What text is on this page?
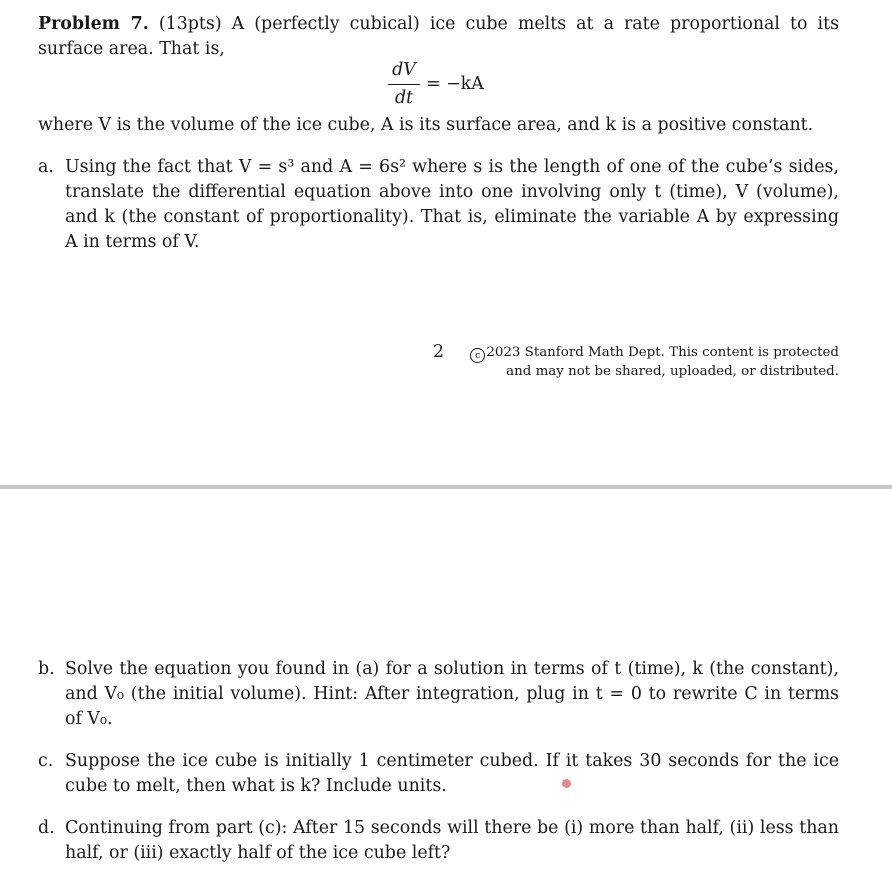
Problem 7. (13pts) A (perfectly cubical) ice cube melts at a rate proportional to its
surface area. That is,
dV
dt
= −kA
where V is the volume of the ice cube, A is its surface area, and k is a positive constant.
a. Using the fact that V = s³ and A = 6s² where s is the length of one of the cube’s sides,
translate the differential equation above into one involving only t (time), V (volume),
and k (the constant of proportionality). That is, eliminate the variable A by expressing
A in terms of V.
2	c 2023 Stanford Math Dept. This content is protected
and may not be shared, uploaded, or distributed.
b. Solve the equation you found in (a) for a solution in terms of t (time), k (the constant),
and V₀ (the initial volume). Hint: After integration, plug in t = 0 to rewrite C in terms
of V₀.
c. Suppose the ice cube is initially 1 centimeter cubed. If it takes 30 seconds for the ice
cube to melt, then what is k? Include units.
d. Continuing from part (c): After 15 seconds will there be (i) more than half, (ii) less than
half, or (iii) exactly half of the ice cube left?
